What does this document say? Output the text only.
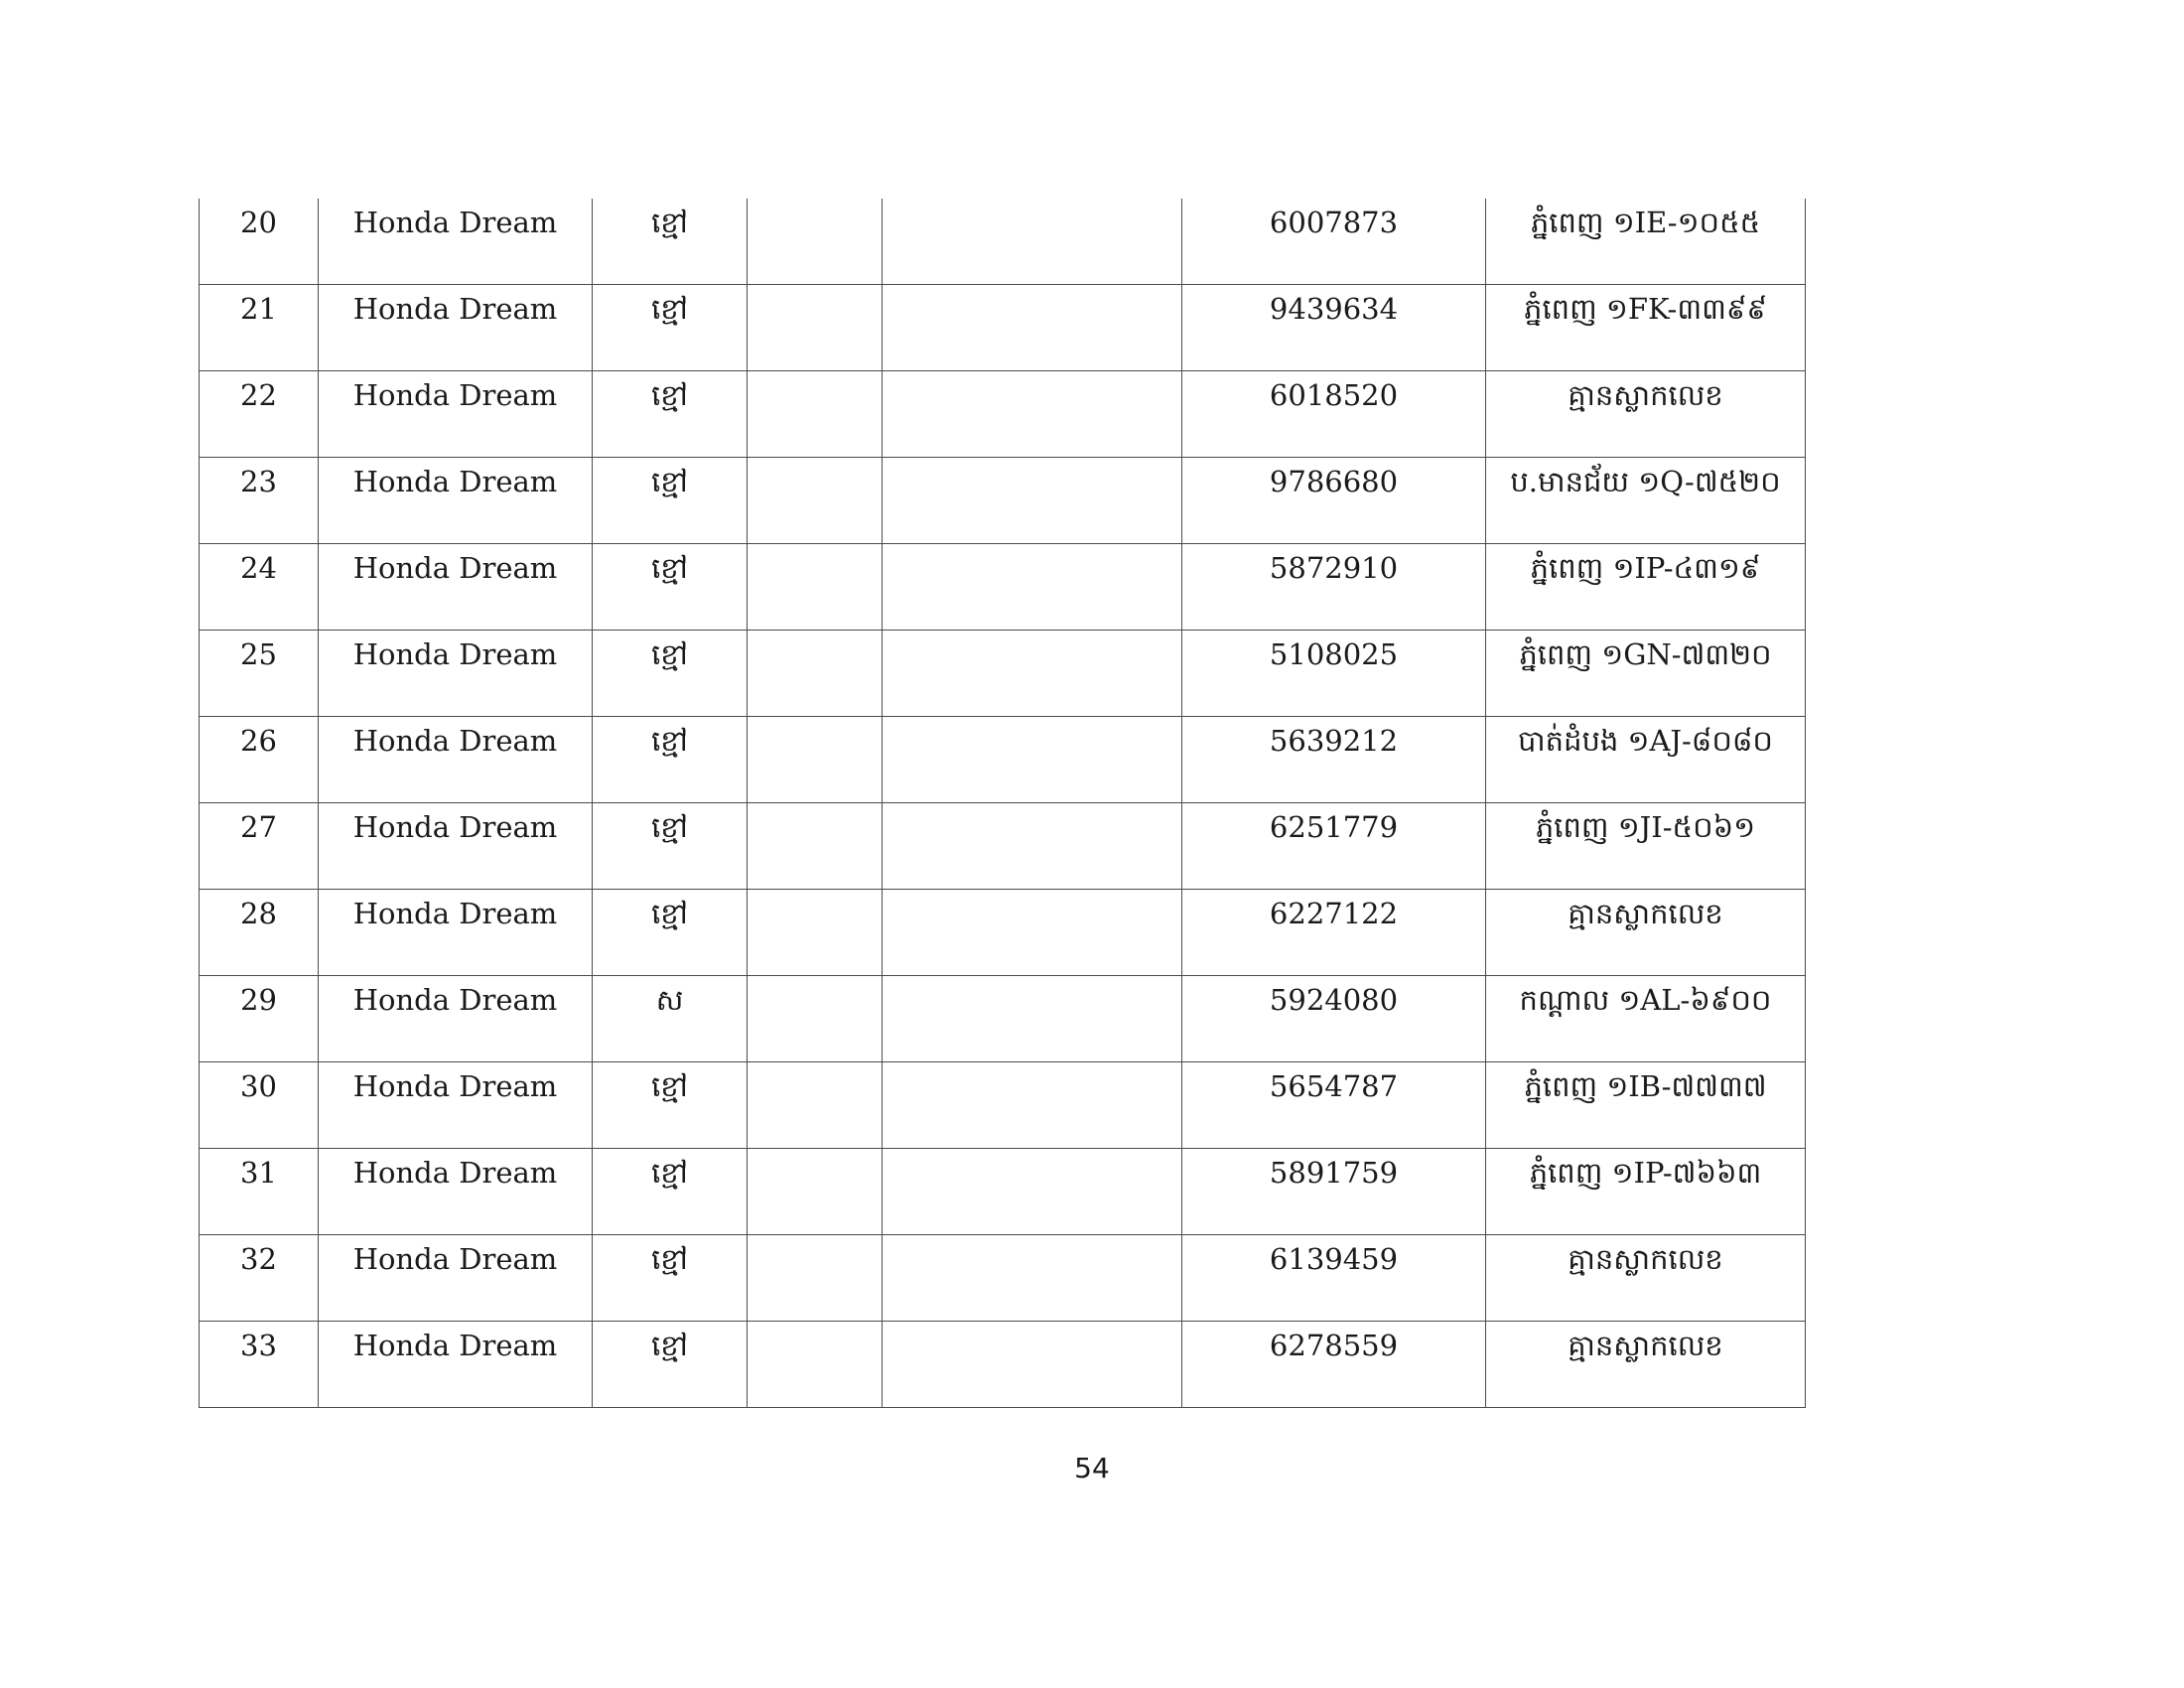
20	Honda Dream	ខ្មៅ			6007873	ភ្នំពេញ ១IE-១០៥៥

21	Honda Dream	ខ្មៅ			9439634	ភ្នំពេញ ១FK-៣៣៩៩

22	Honda Dream	ខ្មៅ			6018520	គ្មានស្លាកលេខ

23	Honda Dream	ខ្មៅ			9786680	ប.មានជ័យ ១Q-៧៥២០

24	Honda Dream	ខ្មៅ			5872910	ភ្នំពេញ ១IP-៤៣១៩

25	Honda Dream	ខ្មៅ			5108025	ភ្នំពេញ ១GN-៧៣២០

26	Honda Dream	ខ្មៅ			5639212	បាត់ដំបង ១AJ-៨០៨០

27	Honda Dream	ខ្មៅ			6251779	ភ្នំពេញ ១JI-៥០៦១

28	Honda Dream	ខ្មៅ			6227122	គ្មានស្លាកលេខ

29	Honda Dream	ស			5924080	កណ្តាល ១AL-៦៩០០

30	Honda Dream	ខ្មៅ			5654787	ភ្នំពេញ ១IB-៧៧៣៧

31	Honda Dream	ខ្មៅ			5891759	ភ្នំពេញ ១IP-៧៦៦៣

32	Honda Dream	ខ្មៅ			6139459	គ្មានស្លាកលេខ

33	Honda Dream	ខ្មៅ			6278559	គ្មានស្លាកលេខ
54
